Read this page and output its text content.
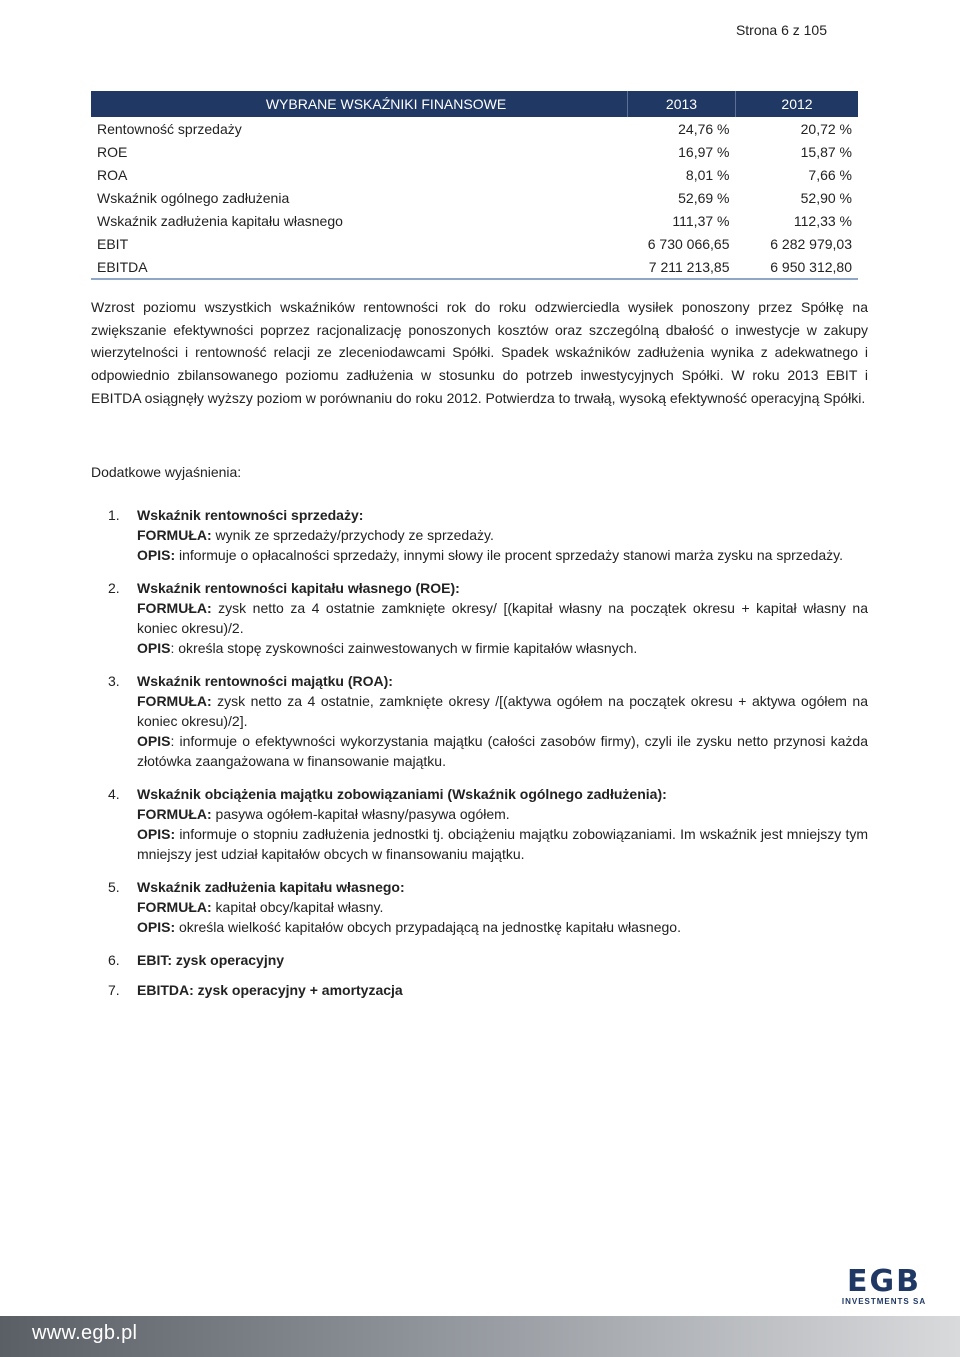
Strona 6 z 105
WYBRANE WSKAŹNIKI FINANSOWE	2013	2012
Rentowność sprzedaży	24,76 %	20,72 %
ROE	16,97 %	15,87 %
ROA	8,01 %	7,66 %
Wskaźnik ogólnego zadłużenia	52,69 %	52,90 %
Wskaźnik zadłużenia kapitału własnego	111,37 %	112,33 %
EBIT	6 730 066,65	6 282 979,03
EBITDA	7 211 213,85	6 950 312,80

Wzrost poziomu wszystkich wskaźników rentowności rok do roku odzwierciedla wysiłek ponoszony przez Spółkę na zwiększanie efektywności poprzez racjonalizację ponoszonych kosztów oraz szczególną dbałość o inwestycje w zakupy wierzytelności i rentowność relacji ze zleceniodawcami Spółki. Spadek wskaźników zadłużenia wynika z adekwatnego i odpowiednio zbilansowanego poziomu zadłużenia w stosunku do potrzeb inwestycyjnych Spółki. W roku 2013 EBIT i EBITDA osiągnęły wyższy poziom w porównaniu do roku 2012. Potwierdza to trwałą, wysoką efektywność operacyjną Spółki.

Dodatkowe wyjaśnienia:
1. Wskaźnik rentowności sprzedaży:
FORMUŁA: wynik ze sprzedaży/przychody ze sprzedaży.
OPIS: informuje o opłacalności sprzedaży, innymi słowy ile procent sprzedaży stanowi marża zysku na sprzedaży.
2. Wskaźnik rentowności kapitału własnego (ROE):
FORMUŁA: zysk netto za 4 ostatnie zamknięte okresy/ [(kapitał własny na początek okresu + kapitał własny na koniec okresu)/2.
OPIS: określa stopę zyskowności zainwestowanych w firmie kapitałów własnych.
3. Wskaźnik rentowności majątku (ROA):
FORMUŁA: zysk netto za 4 ostatnie, zamknięte okresy /[(aktywa ogółem na początek okresu + aktywa ogółem na koniec okresu)/2].
OPIS: informuje o efektywności wykorzystania majątku (całości zasobów firmy), czyli ile zysku netto przynosi każda złotówka zaangażowana w finansowanie majątku.
4. Wskaźnik obciążenia majątku zobowiązaniami (Wskaźnik ogólnego zadłużenia):
FORMUŁA: pasywa ogółem-kapitał własny/pasywa ogółem.
OPIS: informuje o stopniu zadłużenia jednostki tj. obciążeniu majątku zobowiązaniami. Im wskaźnik jest mniejszy tym mniejszy jest udział kapitałów obcych w finansowaniu majątku.
5. Wskaźnik zadłużenia kapitału własnego:
FORMUŁA: kapitał obcy/kapitał własny.
OPIS: określa wielkość kapitałów obcych przypadającą na jednostkę kapitału własnego.
6. EBIT: zysk operacyjny
7. EBITDA: zysk operacyjny + amortyzacja
EGB
INVESTMENTS SA
www.egb.pl
